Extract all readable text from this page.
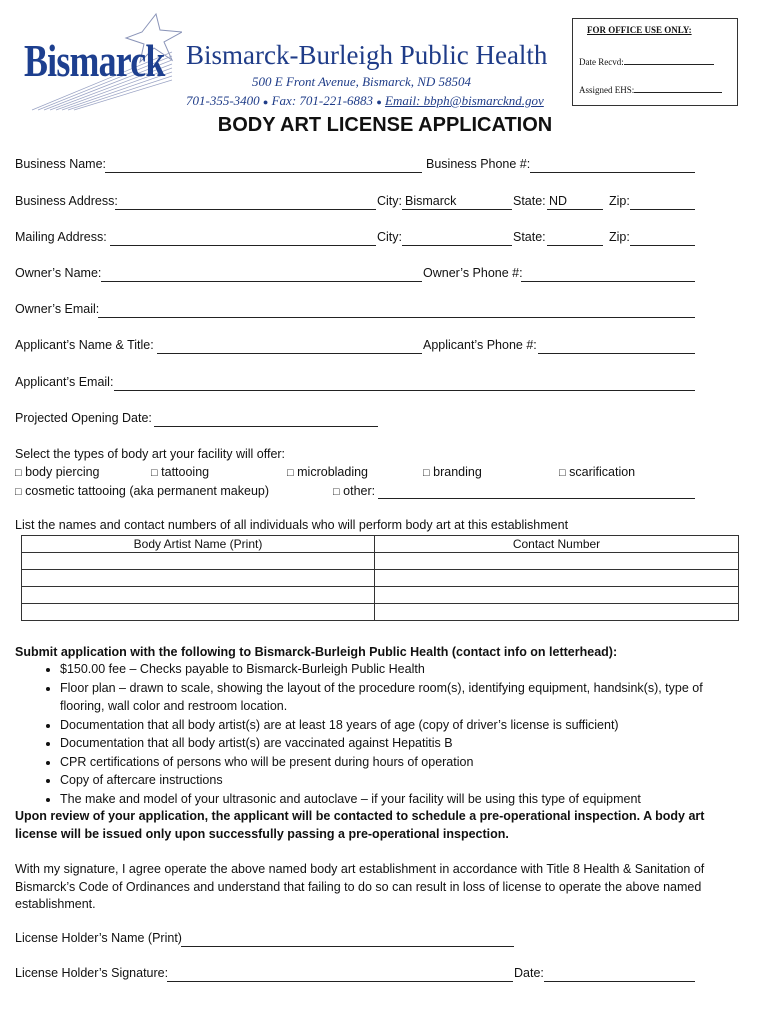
Bismarck Bismarck-Burleigh Public Health
500 E Front Avenue, Bismarck, ND 58504
701-355-3400 ● Fax: 701-221-6883 ● Email: bbph@bismarcknd.gov
FOR OFFICE USE ONLY:
Date Recvd:
Assigned EHS:
BODY ART LICENSE APPLICATION
Business Name:	Business Phone #:
Business Address:	City: Bismarck	State: ND	Zip:
Mailing Address:	City:	State:	Zip:
Owner’s Name:	Owner’s Phone #:
Owner’s Email:
Applicant’s Name & Title:	Applicant’s Phone #:
Applicant’s Email:
Projected Opening Date:
Select the types of body art your facility will offer:
□ body piercing	□ tattooing	□ microblading	□ branding	□ scarification
□ cosmetic tattooing (aka permanent makeup)	□ other:
List the names and contact numbers of all individuals who will perform body art at this establishment
Body Artist Name (Print)	Contact Number

Submit application with the following to Bismarck-Burleigh Public Health (contact info on letterhead):
• $150.00 fee – Checks payable to Bismarck-Burleigh Public Health
• Floor plan – drawn to scale, showing the layout of the procedure room(s), identifying equipment, handsink(s), type of flooring, wall color and restroom location.
• Documentation that all body artist(s) are at least 18 years of age (copy of driver’s license is sufficient)
• Documentation that all body artist(s) are vaccinated against Hepatitis B
• CPR certifications of persons who will be present during hours of operation
• Copy of aftercare instructions
• The make and model of your ultrasonic and autoclave – if your facility will be using this type of equipment
Upon review of your application, the applicant will be contacted to schedule a pre-operational inspection. A body art license will be issued only upon successfully passing a pre-operational inspection.
With my signature, I agree operate the above named body art establishment in accordance with Title 8 Health & Sanitation of Bismarck’s Code of Ordinances and understand that failing to do so can result in loss of license to operate the above named establishment.
License Holder’s Name (Print)
License Holder’s Signature:	Date:
